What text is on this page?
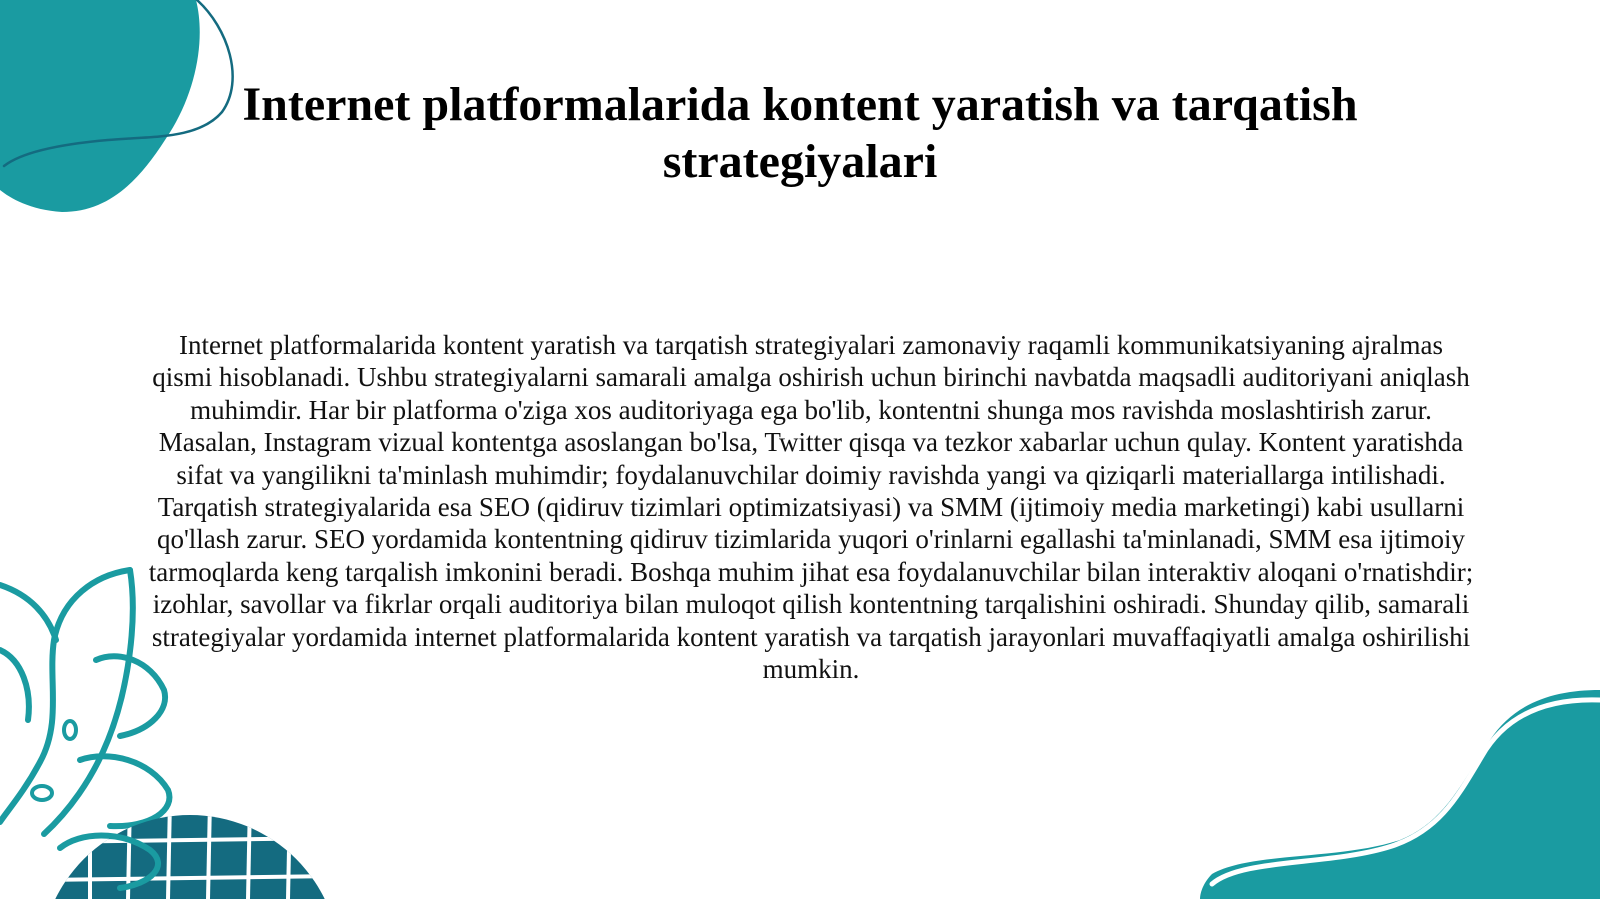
Internet platformalarida kontent yaratish va tarqatish strategiyalari

Internet platformalarida kontent yaratish va tarqatish strategiyalari zamonaviy raqamli kommunikatsiyaning ajralmas qismi hisoblanadi. Ushbu strategiyalarni samarali amalga oshirish uchun birinchi navbatda maqsadli auditoriyani aniqlash muhimdir. Har bir platforma o'ziga xos auditoriyaga ega bo'lib, kontentni shunga mos ravishda moslashtirish zarur. Masalan, Instagram vizual kontentga asoslangan bo'lsa, Twitter qisqa va tezkor xabarlar uchun qulay. Kontent yaratishda sifat va yangilikni ta'minlash muhimdir; foydalanuvchilar doimiy ravishda yangi va qiziqarli materiallarga intilishadi. Tarqatish strategiyalarida esa SEO (qidiruv tizimlari optimizatsiyasi) va SMM (ijtimoiy media marketingi) kabi usullarni qo'llash zarur. SEO yordamida kontentning qidiruv tizimlarida yuqori o'rinlarni egallashi ta'minlanadi, SMM esa ijtimoiy tarmoqlarda keng tarqalish imkonini beradi. Boshqa muhim jihat esa foydalanuvchilar bilan interaktiv aloqani o'rnatishdir; izohlar, savollar va fikrlar orqali auditoriya bilan muloqot qilish kontentning tarqalishini oshiradi. Shunday qilib, samarali strategiyalar yordamida internet platformalarida kontent yaratish va tarqatish jarayonlari muvaffaqiyatli amalga oshirilishi mumkin.
